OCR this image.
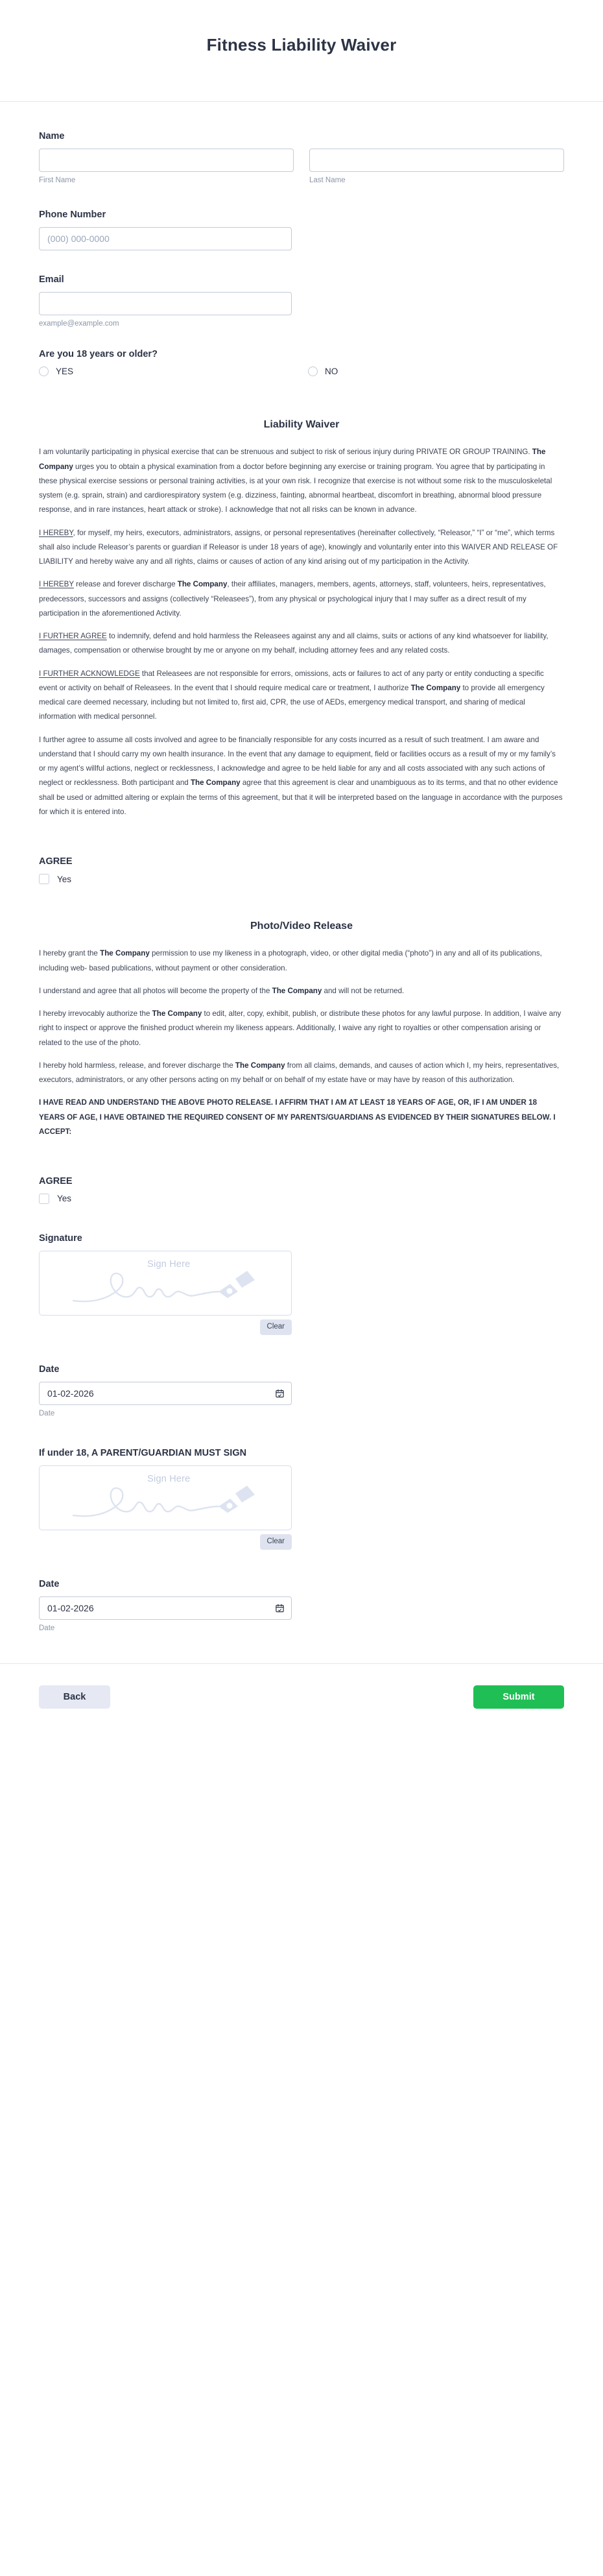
Fitness Liability Waiver
Name
First Name	Last Name
Phone Number
(000) 000-0000
Email
example@example.com
Are you 18 years or older?
YES	NO
Liability Waiver
I am voluntarily participating in physical exercise that can be strenuous and subject to risk of serious injury during PRIVATE OR GROUP TRAINING. The Company urges you to obtain a physical examination from a doctor before beginning any exercise or training program. You agree that by participating in these physical exercise sessions or personal training activities, is at your own risk. I recognize that exercise is not without some risk to the musculoskeletal system (e.g. sprain, strain) and cardiorespiratory system (e.g. dizziness, fainting, abnormal heartbeat, discomfort in breathing, abnormal blood pressure response, and in rare instances, heart attack or stroke). I acknowledge that not all risks can be known in advance.
I HEREBY, for myself, my heirs, executors, administrators, assigns, or personal representatives (hereinafter collectively, “Releasor,” “I” or “me”, which terms shall also include Releasor’s parents or guardian if Releasor is under 18 years of age), knowingly and voluntarily enter into this WAIVER AND RELEASE OF LIABILITY and hereby waive any and all rights, claims or causes of action of any kind arising out of my participation in the Activity.
I HEREBY release and forever discharge The Company, their affiliates, managers, members, agents, attorneys, staff, volunteers, heirs, representatives, predecessors, successors and assigns (collectively “Releasees”), from any physical or psychological injury that I may suffer as a direct result of my participation in the aforementioned Activity.
I FURTHER AGREE to indemnify, defend and hold harmless the Releasees against any and all claims, suits or actions of any kind whatsoever for liability, damages, compensation or otherwise brought by me or anyone on my behalf, including attorney fees and any related costs.
I FURTHER ACKNOWLEDGE that Releasees are not responsible for errors, omissions, acts or failures to act of any party or entity conducting a specific event or activity on behalf of Releasees. In the event that I should require medical care or treatment, I authorize The Company to provide all emergency medical care deemed necessary, including but not limited to, first aid, CPR, the use of AEDs, emergency medical transport, and sharing of medical information with medical personnel.
I further agree to assume all costs involved and agree to be financially responsible for any costs incurred as a result of such treatment. I am aware and understand that I should carry my own health insurance. In the event that any damage to equipment, field or facilities occurs as a result of my or my family’s or my agent’s willful actions, neglect or recklessness, I acknowledge and agree to be held liable for any and all costs associated with any such actions of neglect or recklessness. Both participant and The Company agree that this agreement is clear and unambiguous as to its terms, and that no other evidence shall be used or admitted altering or explain the terms of this agreement, but that it will be interpreted based on the language in accordance with the purposes for which it is entered into.
AGREE
Yes
Photo/Video Release
I hereby grant the The Company permission to use my likeness in a photograph, video, or other digital media (“photo”) in any and all of its publications, including web- based publications, without payment or other consideration.
I understand and agree that all photos will become the property of the The Company and will not be returned.
I hereby irrevocably authorize the The Company to edit, alter, copy, exhibit, publish, or distribute these photos for any lawful purpose. In addition, I waive any right to inspect or approve the finished product wherein my likeness appears. Additionally, I waive any right to royalties or other compensation arising or related to the use of the photo.
I hereby hold harmless, release, and forever discharge the The Company from all claims, demands, and causes of action which I, my heirs, representatives, executors, administrators, or any other persons acting on my behalf or on behalf of my estate have or may have by reason of this authorization.
I HAVE READ AND UNDERSTAND THE ABOVE PHOTO RELEASE. I AFFIRM THAT I AM AT LEAST 18 YEARS OF AGE, OR, IF I AM UNDER 18 YEARS OF AGE, I HAVE OBTAINED THE REQUIRED CONSENT OF MY PARENTS/GUARDIANS AS EVIDENCED BY THEIR SIGNATURES BELOW. I ACCEPT:
AGREE
Yes
Signature
Sign Here
Clear
Date
01-02-2026
Date
If under 18, A PARENT/GUARDIAN MUST SIGN
Sign Here
Clear
Date
01-02-2026
Date
Back	Submit
